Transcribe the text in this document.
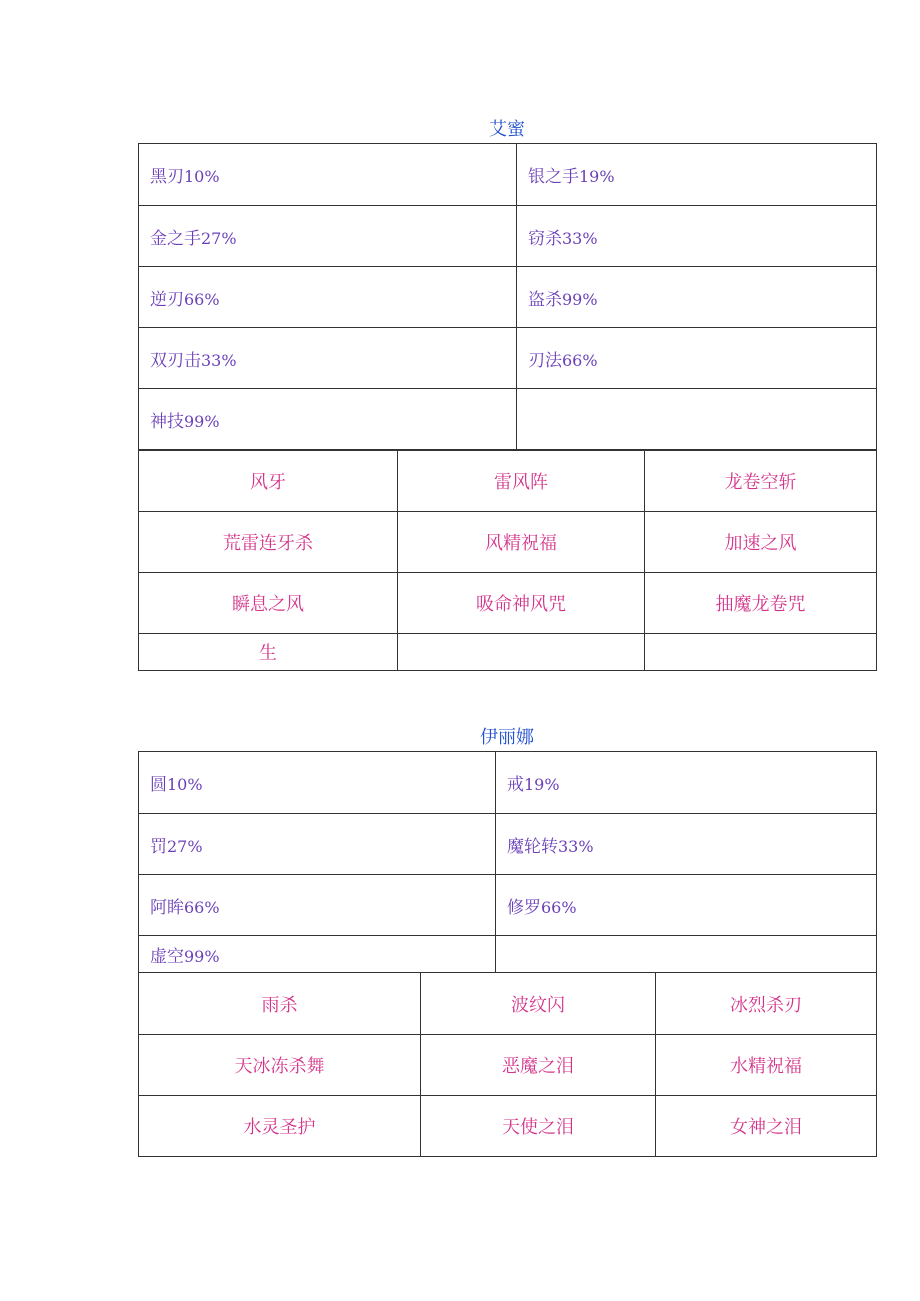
艾蜜
黑刃10%	银之手19%
金之手27%	窃杀33%
逆刃66%	盗杀99%
双刃击33%	刃法66%
神技99%	
风牙	雷风阵	龙卷空斩
荒雷连牙杀	风精祝福	加速之风
瞬息之风	吸命神风咒	抽魔龙卷咒
生		
伊丽娜
圆10%	戒19%
罚27%	魔轮转33%
阿眸66%	修罗66%
虚空99%	
雨杀	波纹闪	冰烈杀刃
天冰冻杀舞	恶魔之泪	水精祝福
水灵圣护	天使之泪	女神之泪
